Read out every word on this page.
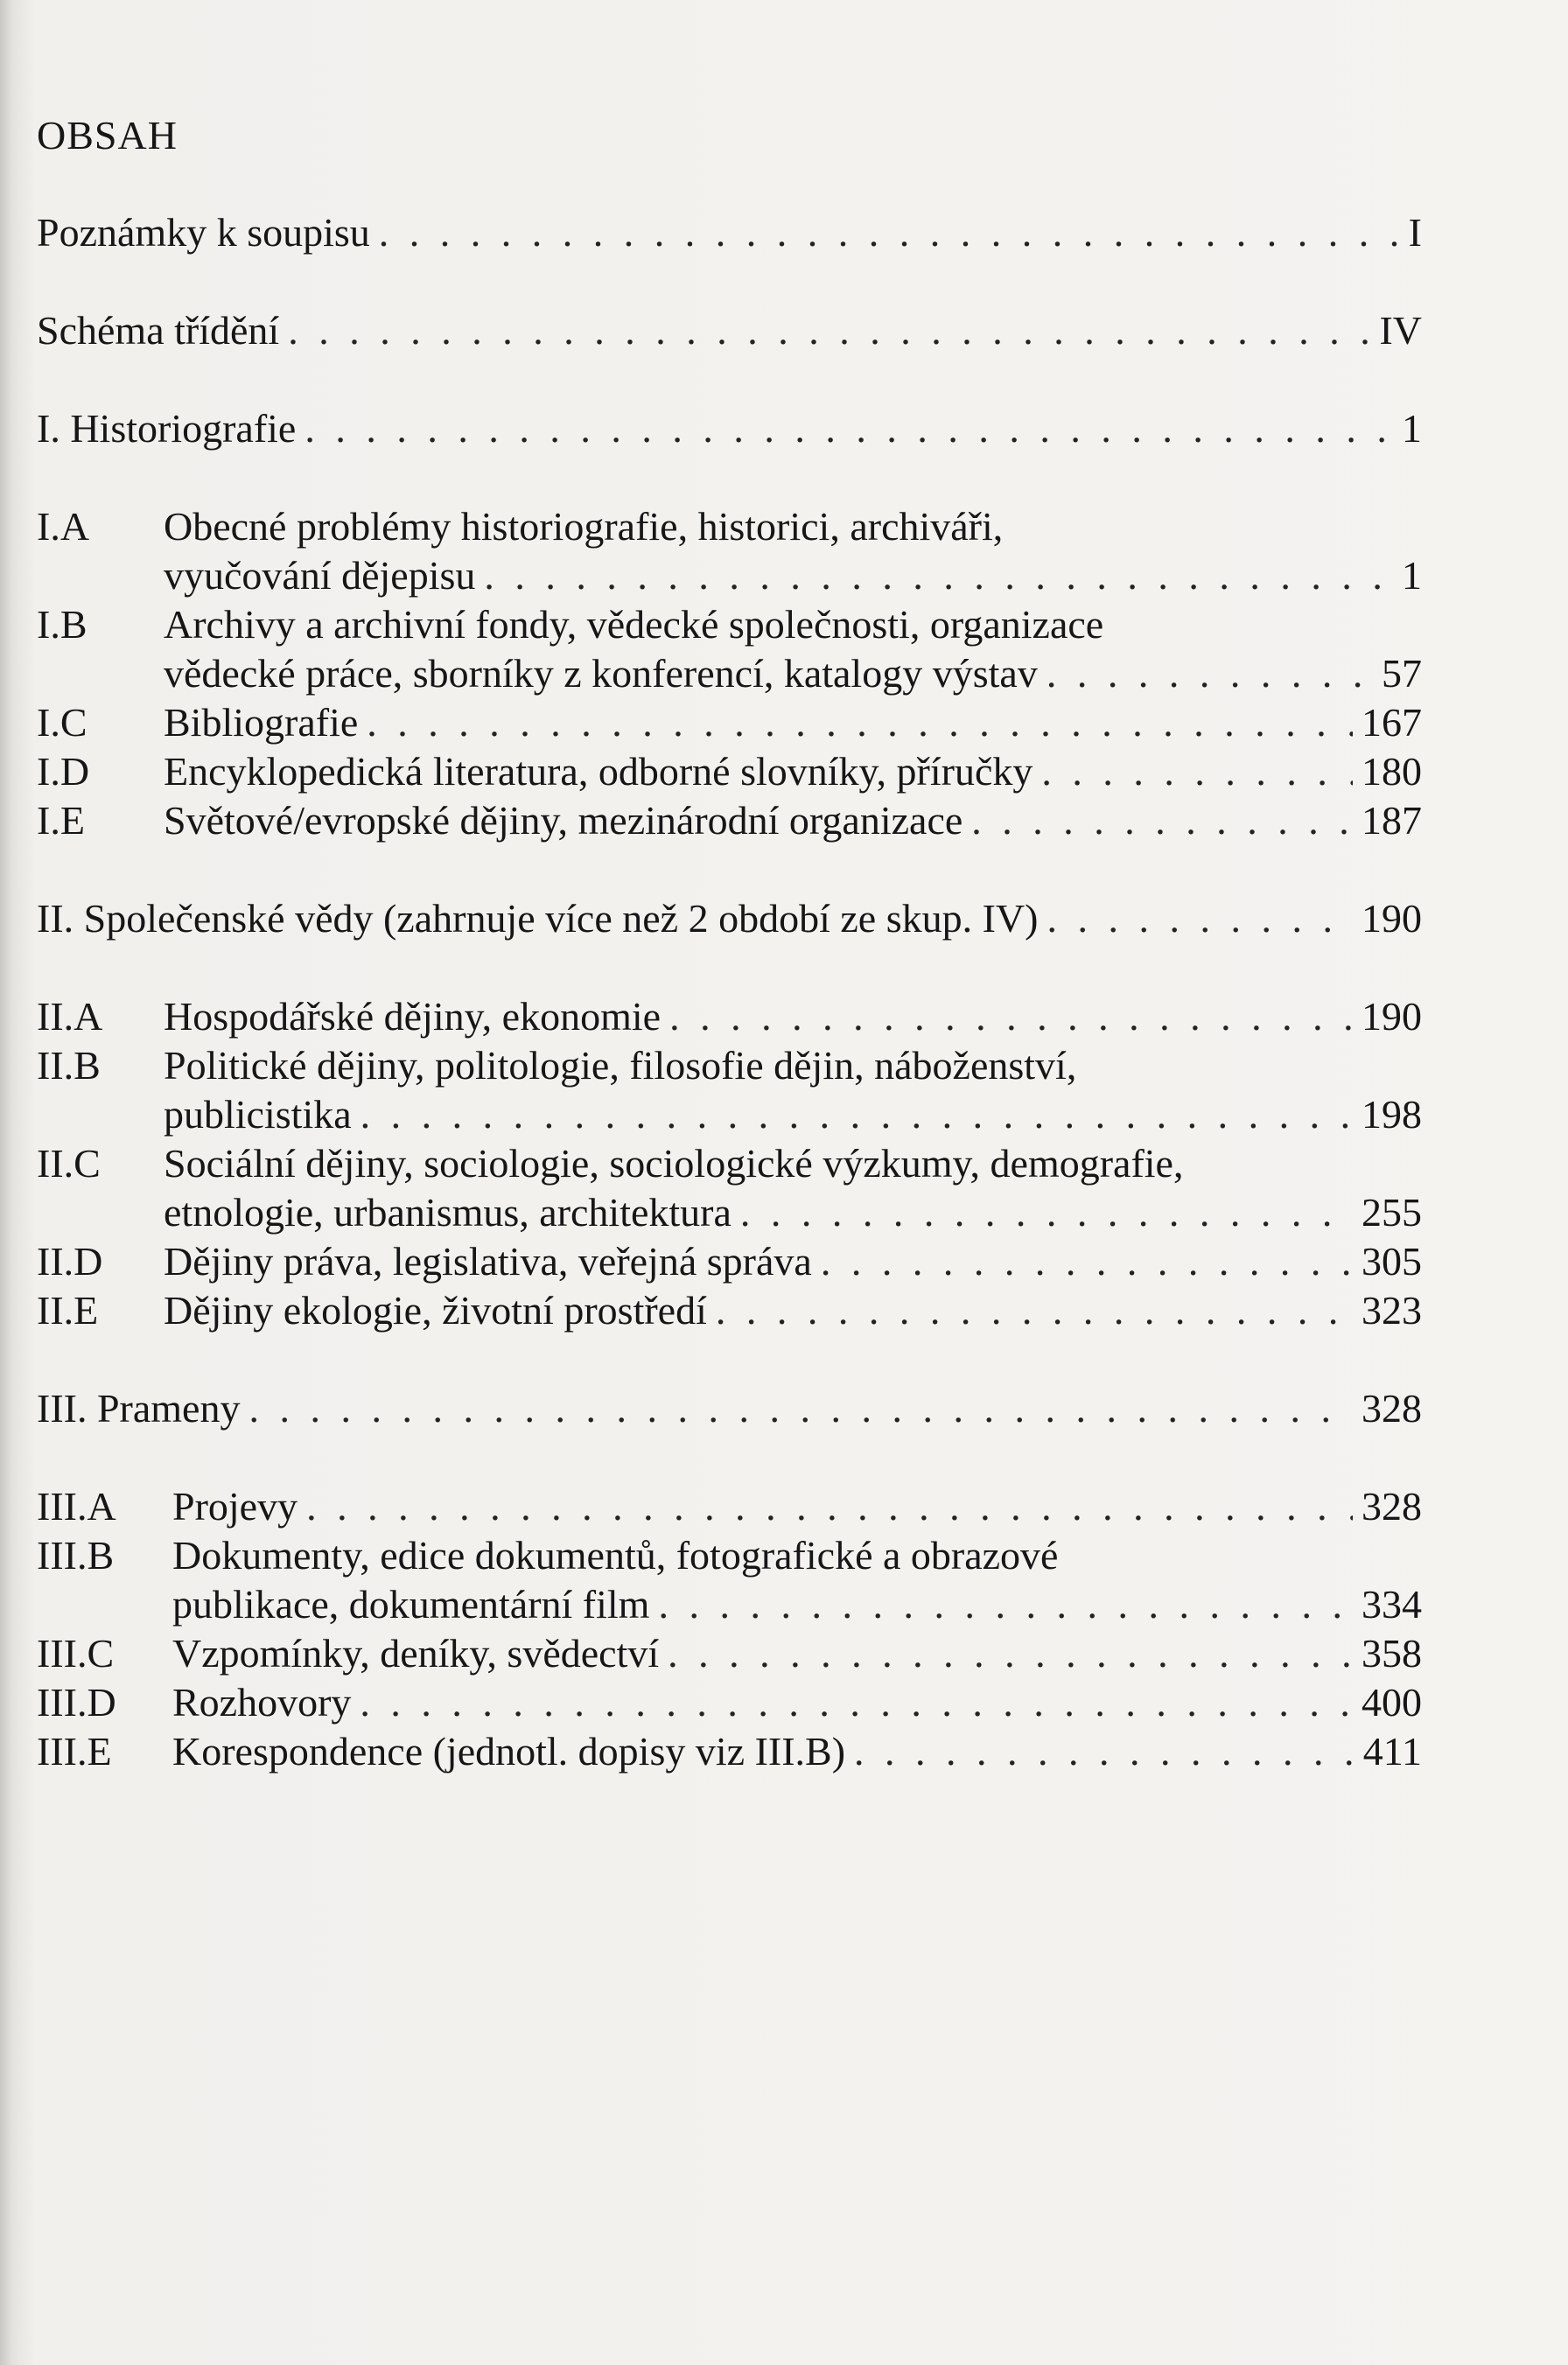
OBSAH
Poznámky k soupisu . . .	I
Schéma třídění . . .	IV
I. Historiografie . . .	1
I.A	Obecné problémy historiografie, historici, archiváři,
vyučování dějepisu . . .	1
I.B	Archivy a archivní fondy, vědecké společnosti, organizace
vědecké práce, sborníky z konferencí, katalogy výstav . . .	57
I.C	Bibliografie . . .	167
I.D	Encyklopedická literatura, odborné slovníky, příručky . . .	180
I.E	Světové/evropské dějiny, mezinárodní organizace . . .	187
II. Společenské vědy (zahrnuje více než 2 období ze skup. IV) . . .	190
II.A	Hospodářské dějiny, ekonomie . . .	190
II.B	Politické dějiny, politologie, filosofie dějin, náboženství,
publicistika . . .	198
II.C	Sociální dějiny, sociologie, sociologické výzkumy, demografie,
etnologie, urbanismus, architektura . . .	255
II.D	Dějiny práva, legislativa, veřejná správa . . .	305
II.E	Dějiny ekologie, životní prostředí . . .	323
III. Prameny . . .	328
III.A	Projevy . . .	328
III.B	Dokumenty, edice dokumentů, fotografické a obrazové
publikace, dokumentární film . . .	334
III.C	Vzpomínky, deníky, svědectví . . .	358
III.D	Rozhovory . . .	400
III.E	Korespondence (jednotl. dopisy viz III.B) . . .	411
